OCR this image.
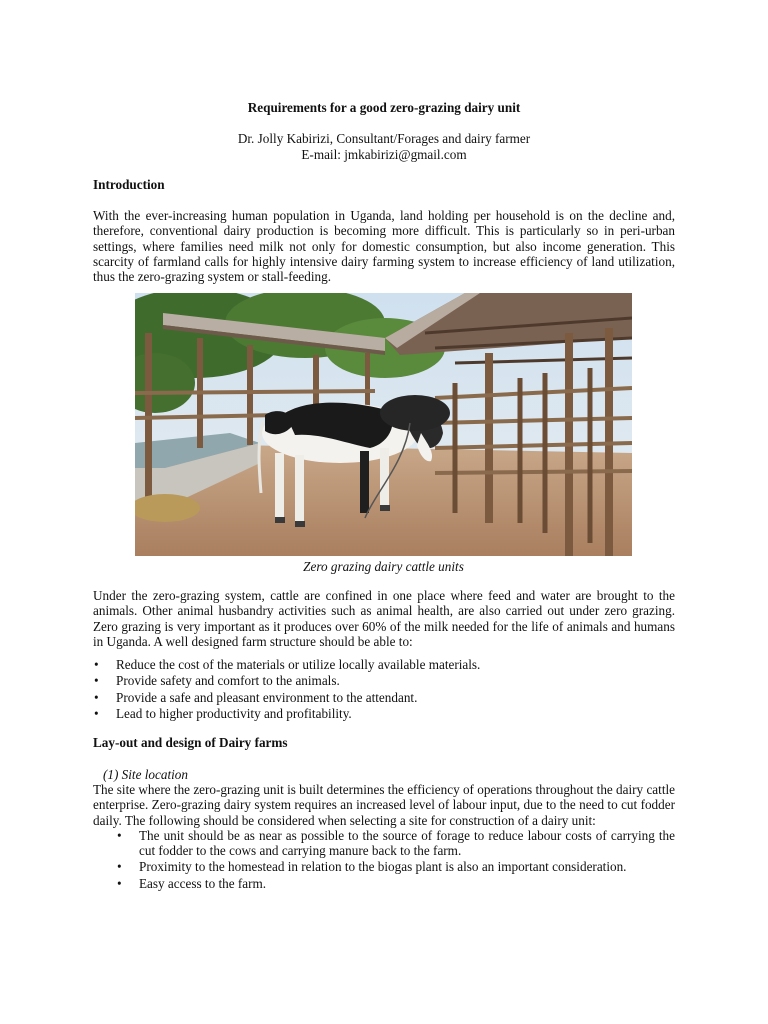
Requirements for a good zero-grazing dairy unit

Dr. Jolly Kabirizi, Consultant/Forages and dairy farmer

E-mail: jmkabirizi@gmail.com

Introduction

With the ever-increasing human population in Uganda, land holding per household is on the decline and, therefore, conventional dairy production is becoming more difficult. This is particularly so in peri-urban settings, where families need milk not only for domestic consumption, but also income generation. This scarcity of farmland calls for highly intensive dairy farming system to increase efficiency of land utilization, thus the zero-grazing system or stall-feeding.

Zero grazing dairy cattle units

Under the zero-grazing system, cattle are confined in one place where feed and water are brought to the animals. Other animal husbandry activities such as animal health, are also carried out under zero grazing. Zero grazing is very important as it produces over 60% of the milk needed for the life of animals and humans in Uganda. A well designed farm structure should be able to:

• Reduce the cost of the materials or utilize locally available materials.
• Provide safety and comfort to the animals.
• Provide a safe and pleasant environment to the attendant.
• Lead to higher productivity and profitability.

Lay-out and design of Dairy farms

(1) Site location

The site where the zero-grazing unit is built determines the efficiency of operations throughout the dairy cattle enterprise. Zero-grazing dairy system requires an increased level of labour input, due to the need to cut fodder daily. The following should be considered when selecting a site for construction of a dairy unit:

• The unit should be as near as possible to the source of forage to reduce labour costs of carrying the cut fodder to the cows and carrying manure back to the farm.
• Proximity to the homestead in relation to the biogas plant is also an important consideration.
• Easy access to the farm.
